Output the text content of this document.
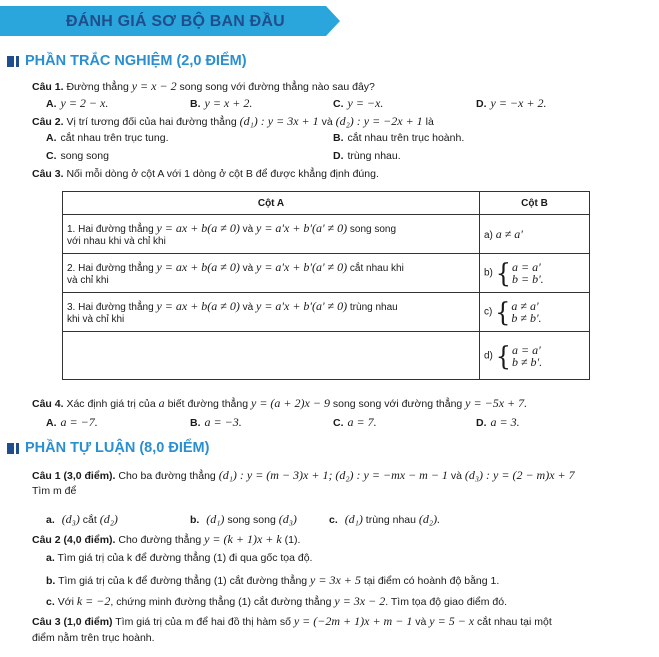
ĐÁNH GIÁ SƠ BỘ BAN ĐẦU
PHẦN TRẮC NGHIỆM (2,0 ĐIỂM)
Câu 1. Đường thẳng y = x − 2 song song với đường thẳng nào sau đây?
A. y = 2 − x.	B. y = x + 2.	C. y = −x.	D. y = −x + 2.
Câu 2. Vị trí tương đối của hai đường thẳng (d₁) : y = 3x + 1 và (d₂) : y = −2x + 1 là
A. cắt nhau trên trục tung.	B. cắt nhau trên trục hoành.
C. song song	D. trùng nhau.
Câu 3. Nối mỗi dòng ở cột A với 1 dòng ở cột B để được khẳng định đúng.
Cột A	Cột B
1. Hai đường thẳng y = ax + b(a ≠ 0) và y = a'x + b'(a' ≠ 0) song song
với nhau khi và chỉ khi	a) a ≠ a'
2. Hai đường thẳng y = ax + b(a ≠ 0) và y = a'x + b'(a' ≠ 0) cắt nhau khi
và chỉ khi	b) { a = a'
b = b'.

3. Hai đường thẳng y = ax + b(a ≠ 0) và y = a'x + b'(a' ≠ 0) trùng nhau
khi và chỉ khi	c) { a ≠ a'
b ≠ b'.

	d) { a = a'
b ≠ b'.
Câu 4. Xác định giá trị của a biết đường thẳng y = (a + 2)x − 9 song song với đường thẳng y = −5x + 7.
A. a = −7.	B. a = −3.	C. a = 7.	D. a = 3.
PHẦN TỰ LUẬN (8,0 ĐIỂM)
Câu 1 (3,0 điểm). Cho ba đường thẳng (d₁) : y = (m − 3)x + 1; (d₂) : y = −mx − m − 1 và (d₃) : y = (2 − m)x + 7
Tìm m để
a. (d₃) cắt (d₂)	b. (d₁) song song (d₃)	c. (d₁) trùng nhau (d₂).
Câu 2 (4,0 điểm). Cho đường thẳng y = (k + 1)x + k (1).
a. Tìm giá trị của k để đường thẳng (1) đi qua gốc tọa độ.
b. Tìm giá trị của k để đường thẳng (1) cắt đường thẳng y = 3x + 5 tại điểm có hoành độ bằng 1.
c. Với k = −2, chứng minh đường thẳng (1) cắt đường thẳng y = 3x − 2. Tìm tọa độ giao điểm đó.
Câu 3 (1,0 điểm) Tìm giá trị của m để hai đồ thị hàm số y = (−2m + 1)x + m − 1 và y = 5 − x cắt nhau tại một
điểm nằm trên trục hoành.
